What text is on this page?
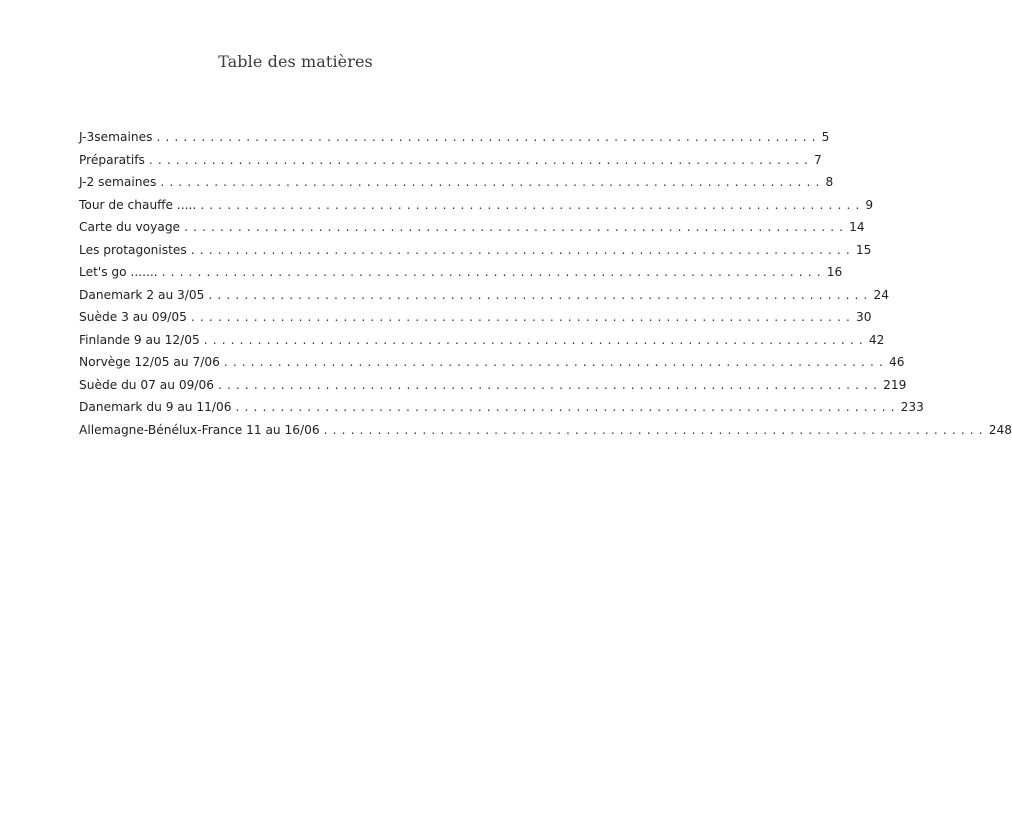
Table des matières
J-3semaines .......................................................................... 5
Préparatifs .......................................................................... 7
J-2 semaines .......................................................................... 8
Tour de chauffe ..... .......................................................................... 9
Carte du voyage .......................................................................... 14
Les protagonistes .......................................................................... 15
Let's go ....... .......................................................................... 16
Danemark 2 au 3/05 .......................................................................... 24
Suède 3 au 09/05 .......................................................................... 30
Finlande 9 au 12/05 .......................................................................... 42
Norvège 12/05 au 7/06 .......................................................................... 46
Suède du 07 au 09/06 .......................................................................... 219
Danemark du 9 au 11/06 .......................................................................... 233
Allemagne-Bénélux-France 11 au 16/06 .......................................................................... 248
